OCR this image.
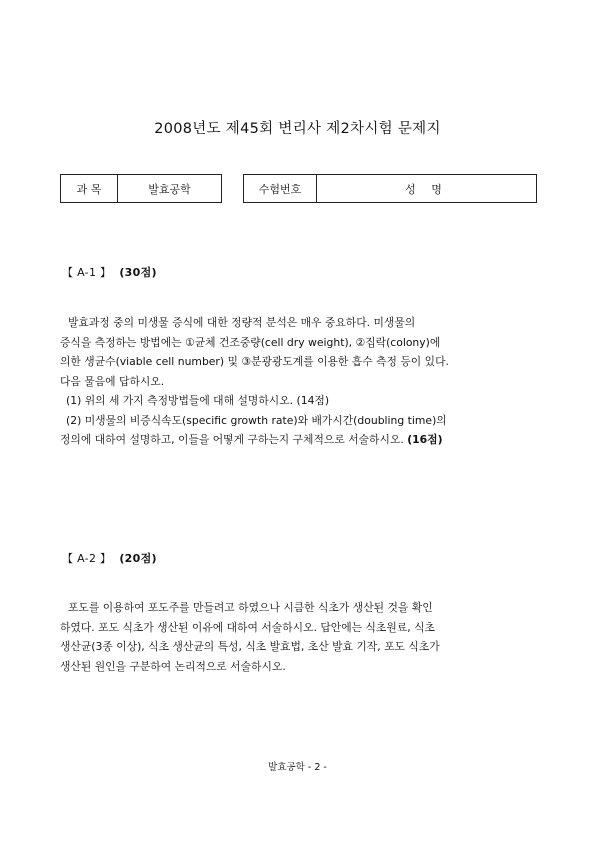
2008년도 제45회 변리사 제2차시험 문제지
과 목	발효공학	수험번호	성 명
【 A-1 】 (30점)

발효과정 중의 미생물 증식에 대한 정량적 분석은 매우 중요하다. 미생물의

증식을 측정하는 방법에는 ①균체 건조중량(cell dry weight), ②집락(colony)에

의한 생균수(viable cell number) 및 ③분광광도계를 이용한 흡수 측정 등이 있다.

다음 물음에 답하시오.

(1) 위의 세 가지 측정방법들에 대해 설명하시오. (14점)

(2) 미생물의 비증식속도(specific growth rate)와 배가시간(doubling time)의

정의에 대하여 설명하고, 이들을 어떻게 구하는지 구체적으로 서술하시오. (16점)

【 A-2 】 (20점)

포도를 이용하여 포도주를 만들려고 하였으나 시큼한 식초가 생산된 것을 확인

하였다. 포도 식초가 생산된 이유에 대하여 서술하시오. 답안에는 식초원료, 식초

생산균(3종 이상), 식초 생산균의 특성, 식초 발효법, 초산 발효 기작, 포도 식초가

생산된 원인을 구분하여 논리적으로 서술하시오.

발효공학 - 2 -
